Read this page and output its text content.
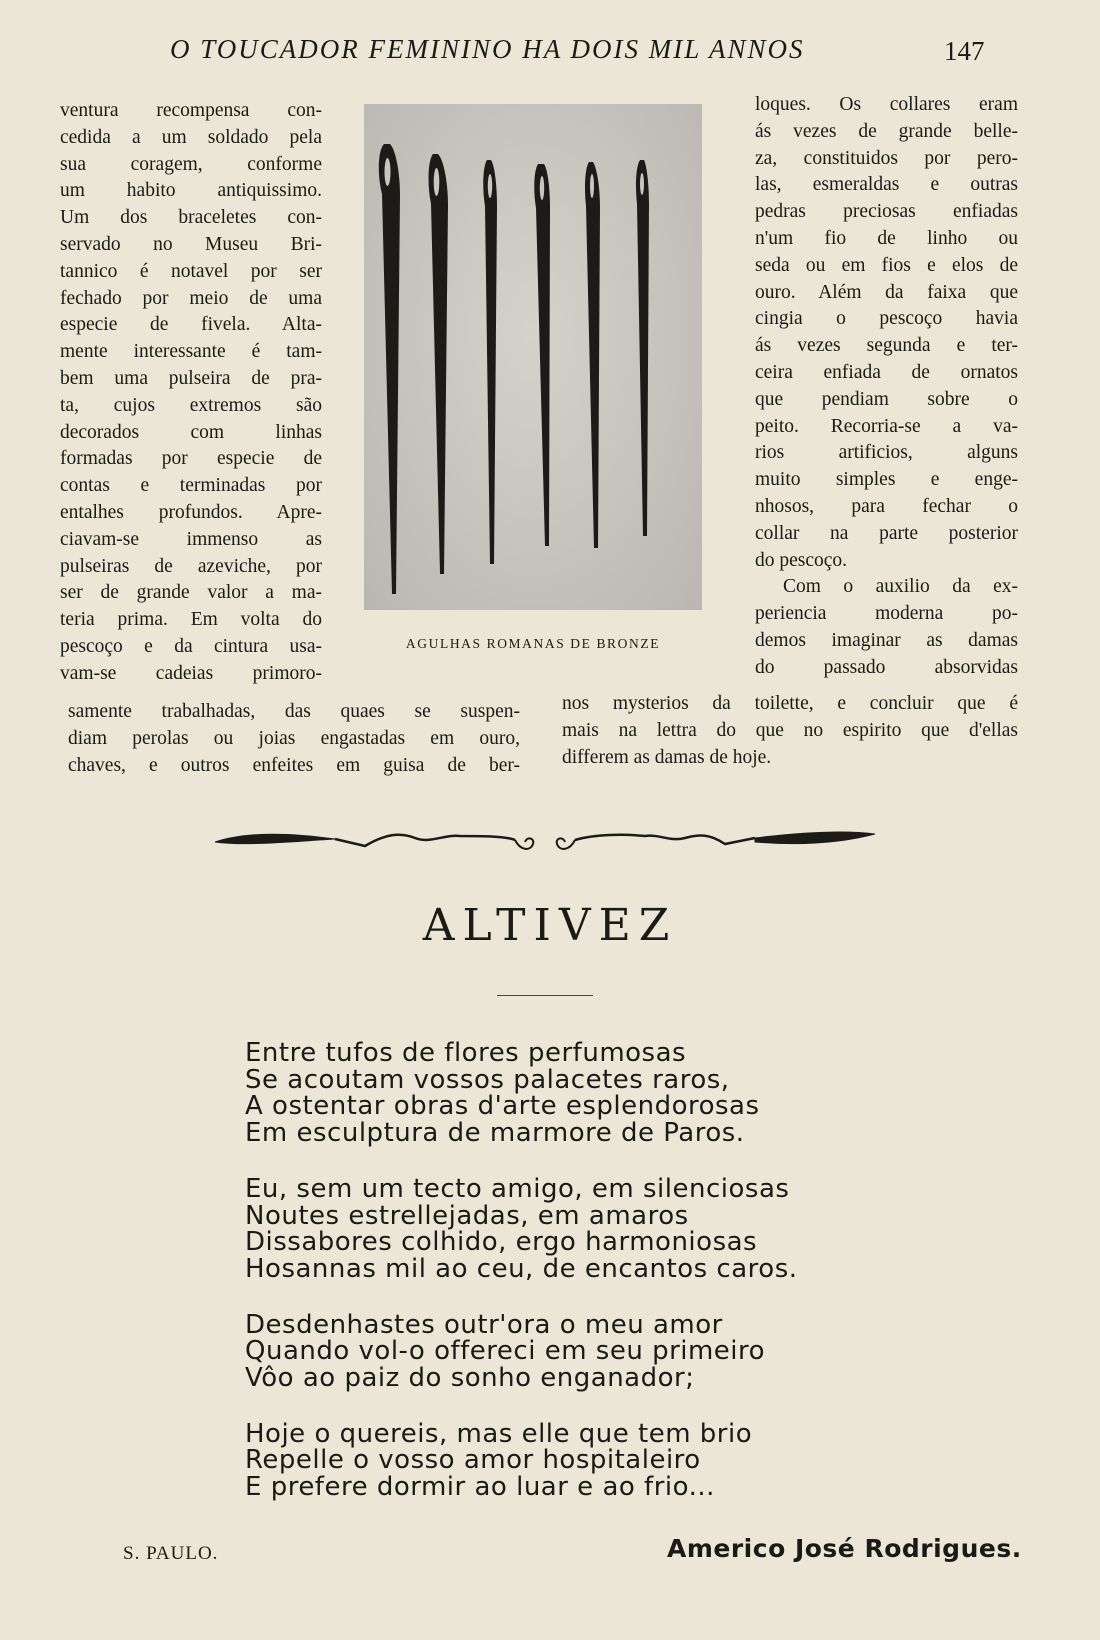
O TOUCADOR FEMININO HA DOIS MIL ANNOS	147
ventura recompensa con-
cedida a um soldado pela
sua coragem, conforme
um habito antiquissimo.
Um dos braceletes con-
servado no Museu Bri-
tannico é notavel por ser
fechado por meio de uma
especie de fivela. Alta-
mente interessante é tam-
bem uma pulseira de pra-
ta, cujos extremos são
decorados com linhas
formadas por especie de
contas e terminadas por
entalhes profundos. Apre-
ciavam-se immenso as
pulseiras de azeviche, por
ser de grande valor a ma-
teria prima. Em volta do
pescoço e da cintura usa-
vam-se cadeias primoro-
AGULHAS ROMANAS DE BRONZE
loques. Os collares eram
ás vezes de grande belle-
za, constituidos por pero-
las, esmeraldas e outras
pedras preciosas enfiadas
n'um fio de linho ou
seda ou em fios e elos de
ouro. Além da faixa que
cingia o pescoço havia
ás vezes segunda e ter-
ceira enfiada de ornatos
que pendiam sobre o
peito. Recorria-se a va-
rios artificios, alguns
muito simples e enge-
nhosos, para fechar o
collar na parte posterior
do pescoço.
Com o auxilio da ex-
periencia moderna po-
demos imaginar as damas
do passado absorvidas
samente trabalhadas, das quaes se suspen-
diam perolas ou joias engastadas em ouro,
chaves, e outros enfeites em guisa de ber-
nos mysterios da toilette, e concluir que é
mais na lettra do que no espirito que d'ellas
differem as damas de hoje.
ALTIVEZ
Entre tufos de flores perfumosas
Se acoutam vossos palacetes raros,
A ostentar obras d'arte esplendorosas
Em esculptura de marmore de Paros.
Eu, sem um tecto amigo, em silenciosas
Noutes estrellejadas, em amaros
Dissabores colhido, ergo harmoniosas
Hosannas mil ao ceu, de encantos caros.
Desdenhastes outr'ora o meu amor
Quando vol-o offereci em seu primeiro
Vôo ao paiz do sonho enganador;
Hoje o quereis, mas elle que tem brio
Repelle o vosso amor hospitaleiro
E prefere dormir ao luar e ao frio...
S. PAULO.	Americo José Rodrigues.
